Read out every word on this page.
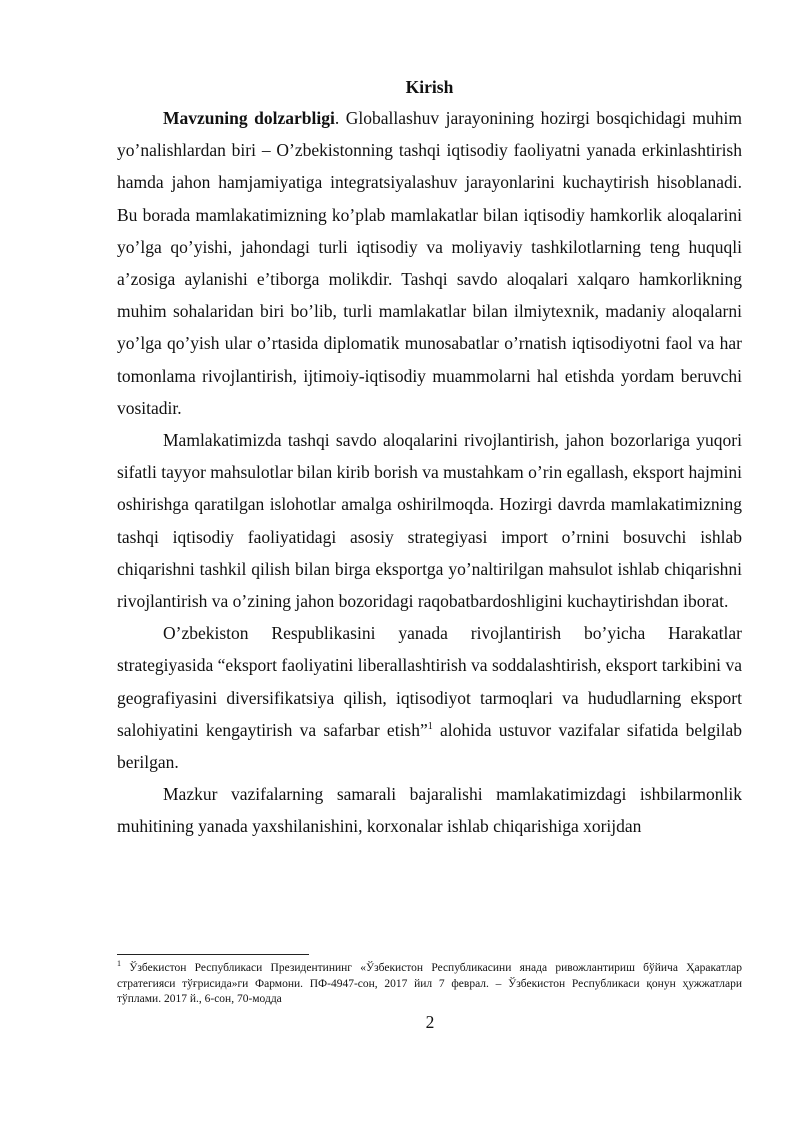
Kirish

Mavzuning dolzarbligi. Globallashuv jarayonining hozirgi bosqichidagi muhim yo’nalishlardan biri – O’zbekistonning tashqi iqtisodiy faoliyatni yanada erkinlashtirish hamda jahon hamjamiyatiga integratsiyalashuv jarayonlarini kuchaytirish hisoblanadi. Bu borada mamlakatimizning ko’plab mamlakatlar bilan iqtisodiy hamkorlik aloqalarini yo’lga qo’yishi, jahondagi turli iqtisodiy va moliyaviy tashkilotlarning teng huquqli a’zosiga aylanishi e’tiborga molikdir. Tashqi savdo aloqalari xalqaro hamkorlikning muhim sohalaridan biri bo’lib, turli mamlakatlar bilan ilmiytexnik, madaniy aloqalarni yo’lga qo’yish ular o’rtasida diplomatik munosabatlar o’rnatish iqtisodiyotni faol va har tomonlama rivojlantirish, ijtimoiy-iqtisodiy muammolarni hal etishda yordam beruvchi vositadir.

Mamlakatimizda tashqi savdo aloqalarini rivojlantirish, jahon bozorlariga yuqori sifatli tayyor mahsulotlar bilan kirib borish va mustahkam o’rin egallash, eksport hajmini oshirishga qaratilgan islohotlar amalga oshirilmoqda. Hozirgi davrda mamlakatimizning tashqi iqtisodiy faoliyatidagi asosiy strategiyasi import o’rnini bosuvchi ishlab chiqarishni tashkil qilish bilan birga eksportga yo’naltirilgan mahsulot ishlab chiqarishni rivojlantirish va o’zining jahon bozoridagi raqobatbardoshligini kuchaytirishdan iborat.

O’zbekiston Respublikasini yanada rivojlantirish bo’yicha Harakatlar strategiyasida “eksport faoliyatini liberallashtirish va soddalashtirish, eksport tarkibini va geografiyasini diversifikatsiya qilish, iqtisodiyot tarmoqlari va hududlarning eksport salohiyatini kengaytirish va safarbar etish”$^1$ alohida ustuvor vazifalar sifatida belgilab berilgan.

Mazkur vazifalarning samarali bajaralishi mamlakatimizdagi ishbilarmonlik muhitining yanada yaxshilanishini, korxonalar ishlab chiqarishiga xorijdan

$^1$ Ўзбекистон Республикаси Президентининг «Ўзбекистон Республикасини янада ривожлантириш бўйича Ҳаракатлар стратегияси тўғрисида»ги Фармони. ПФ-4947-сон, 2017 йил 7 феврал. – Ўзбекистон Республикаси қонун ҳужжатлари тўплами. 2017 й., 6-сон, 70-модда
2
